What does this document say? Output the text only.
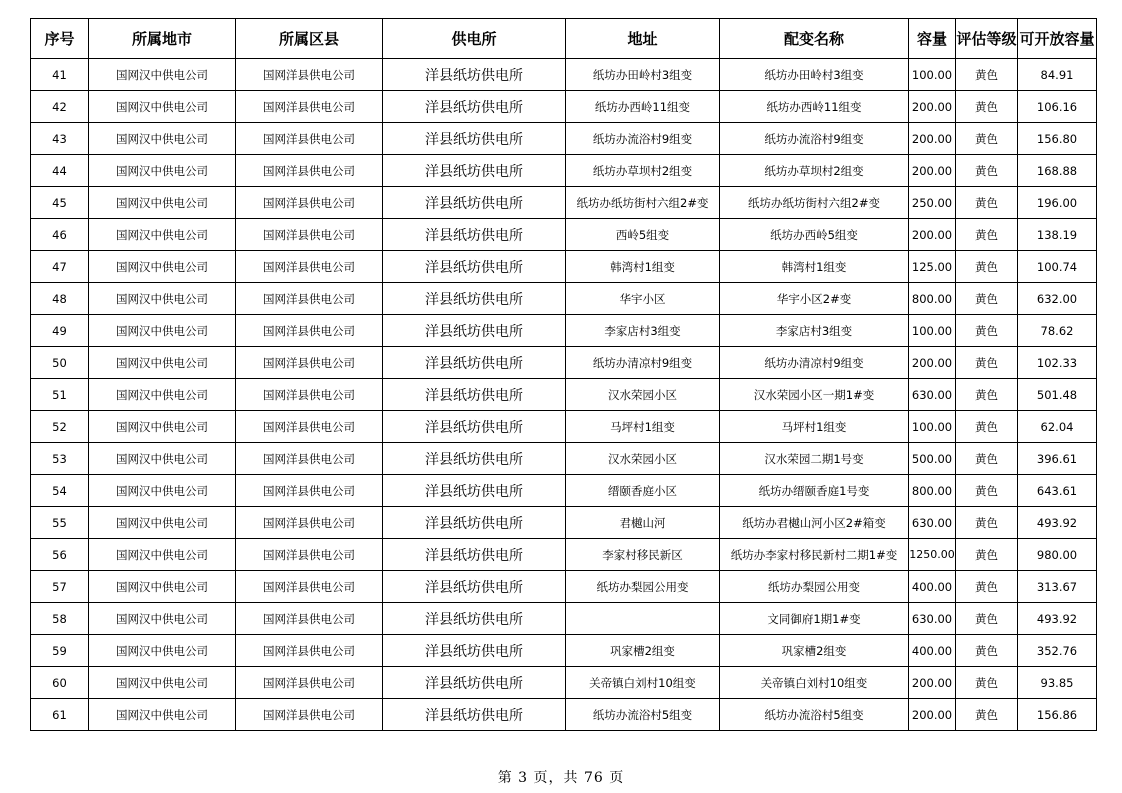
序号	所属地市	所属区县	供电所	地址	配变名称	容量	评估等级	可开放容量
41	国网汉中供电公司	国网洋县供电公司	洋县纸坊供电所	纸坊办田岭村3组变	纸坊办田岭村3组变	100.00	黄色	84.91
42	国网汉中供电公司	国网洋县供电公司	洋县纸坊供电所	纸坊办西岭11组变	纸坊办西岭11组变	200.00	黄色	106.16
43	国网汉中供电公司	国网洋县供电公司	洋县纸坊供电所	纸坊办流浴村9组变	纸坊办流浴村9组变	200.00	黄色	156.80
44	国网汉中供电公司	国网洋县供电公司	洋县纸坊供电所	纸坊办草坝村2组变	纸坊办草坝村2组变	200.00	黄色	168.88
45	国网汉中供电公司	国网洋县供电公司	洋县纸坊供电所	纸坊办纸坊街村六组2#变	纸坊办纸坊街村六组2#变	250.00	黄色	196.00
46	国网汉中供电公司	国网洋县供电公司	洋县纸坊供电所	西岭5组变	纸坊办西岭5组变	200.00	黄色	138.19
47	国网汉中供电公司	国网洋县供电公司	洋县纸坊供电所	韩湾村1组变	韩湾村1组变	125.00	黄色	100.74
48	国网汉中供电公司	国网洋县供电公司	洋县纸坊供电所	华宇小区	华宇小区2#变	800.00	黄色	632.00
49	国网汉中供电公司	国网洋县供电公司	洋县纸坊供电所	李家店村3组变	李家店村3组变	100.00	黄色	78.62
50	国网汉中供电公司	国网洋县供电公司	洋县纸坊供电所	纸坊办清凉村9组变	纸坊办清凉村9组变	200.00	黄色	102.33
51	国网汉中供电公司	国网洋县供电公司	洋县纸坊供电所	汉水荣园小区	汉水荣园小区一期1#变	630.00	黄色	501.48
52	国网汉中供电公司	国网洋县供电公司	洋县纸坊供电所	马坪村1组变	马坪村1组变	100.00	黄色	62.04
53	国网汉中供电公司	国网洋县供电公司	洋县纸坊供电所	汉水荣园小区	汉水荣园二期1号变	500.00	黄色	396.61
54	国网汉中供电公司	国网洋县供电公司	洋县纸坊供电所	缙颐香庭小区	纸坊办缙颐香庭1号变	800.00	黄色	643.61
55	国网汉中供电公司	国网洋县供电公司	洋县纸坊供电所	君樾山河	纸坊办君樾山河小区2#箱变	630.00	黄色	493.92
56	国网汉中供电公司	国网洋县供电公司	洋县纸坊供电所	李家村移民新区	纸坊办李家村移民新村二期1#变	1250.00	黄色	980.00
57	国网汉中供电公司	国网洋县供电公司	洋县纸坊供电所	纸坊办梨园公用变	纸坊办梨园公用变	400.00	黄色	313.67
58	国网汉中供电公司	国网洋县供电公司	洋县纸坊供电所		文同御府1期1#变	630.00	黄色	493.92
59	国网汉中供电公司	国网洋县供电公司	洋县纸坊供电所	巩家槽2组变	巩家槽2组变	400.00	黄色	352.76
60	国网汉中供电公司	国网洋县供电公司	洋县纸坊供电所	关帝镇白刘村10组变	关帝镇白刘村10组变	200.00	黄色	93.85
61	国网汉中供电公司	国网洋县供电公司	洋县纸坊供电所	纸坊办流浴村5组变	纸坊办流浴村5组变	200.00	黄色	156.86
第 3 页，共 76 页
